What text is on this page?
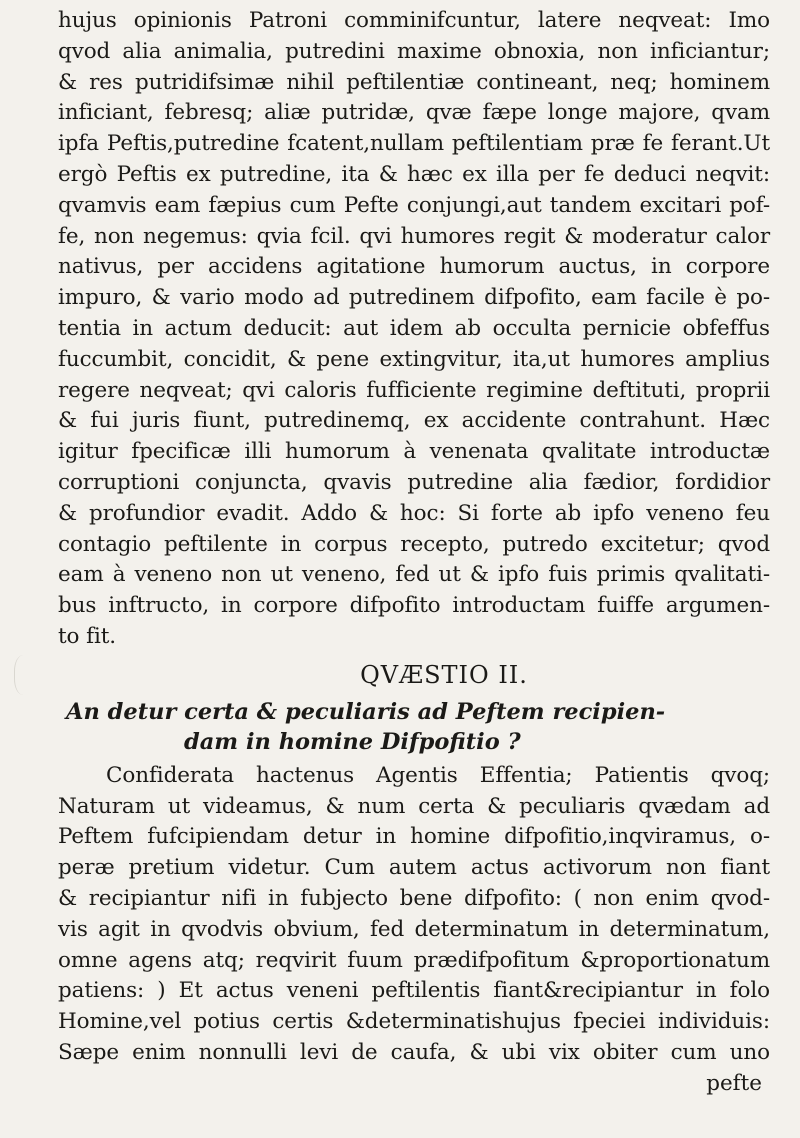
hujus opinionis Patroni comminifcuntur, latere neqveat: Imo
qvod alia animalia, putredini maxime obnoxia, non inficiantur;
& res putridifsimæ nihil peftilentiæ contineant, neq; hominem
inficiant, febresq; aliæ putridæ, qvæ fæpe longe majore, qvam
ipfa Peftis,putredine fcatent,nullam peftilentiam præ fe ferant.Ut
ergò Peftis ex putredine, ita & hæc ex illa per fe deduci neqvit:
qvamvis eam fæpius cum Pefte conjungi,aut tandem excitari pof-
fe, non negemus: qvia fcil. qvi humores regit & moderatur calor
nativus, per accidens agitatione humorum auctus, in corpore
impuro, & vario modo ad putredinem difpofito, eam facile è po-
tentia in actum deducit: aut idem ab occulta pernicie obfeffus
fuccumbit, concidit, & pene extingvitur, ita,ut humores amplius
regere neqveat; qvi caloris fufficiente regimine deftituti, proprii
& fui juris fiunt, putredinemq, ex accidente contrahunt. Hæc
igitur fpecificæ illi humorum à venenata qvalitate introductæ
corruptioni conjuncta, qvavis putredine alia fædior, fordidior
& profundior evadit. Addo & hoc: Si forte ab ipfo veneno feu
contagio peftilente in corpus recepto, putredo excitetur; qvod
eam à veneno non ut veneno, fed ut & ipfo fuis primis qvalitati-
bus inftructo, in corpore difpofito introductam fuiffe argumen-
to fit.
QVÆSTIO II.
An detur certa & peculiaris ad Peftem recipien-
dam in homine Difpofitio ?
Confiderata hactenus Agentis Effentia; Patientis qvoq;
Naturam ut videamus, & num certa & peculiaris qvædam ad
Peftem fufcipiendam detur in homine difpofitio,inqviramus, o-
peræ pretium videtur. Cum autem actus activorum non fiant
& recipiantur nifi in fubjecto bene difpofito: ( non enim qvod-
vis agit in qvodvis obvium, fed determinatum in determinatum,
omne agens atq; reqvirit fuum prædifpofitum &proportionatum
patiens: ) Et actus veneni peftilentis fiant&recipiantur in folo
Homine,vel potius certis &determinatishujus fpeciei individuis:
Sæpe enim nonnulli levi de caufa, & ubi vix obiter cum uno
pefte
